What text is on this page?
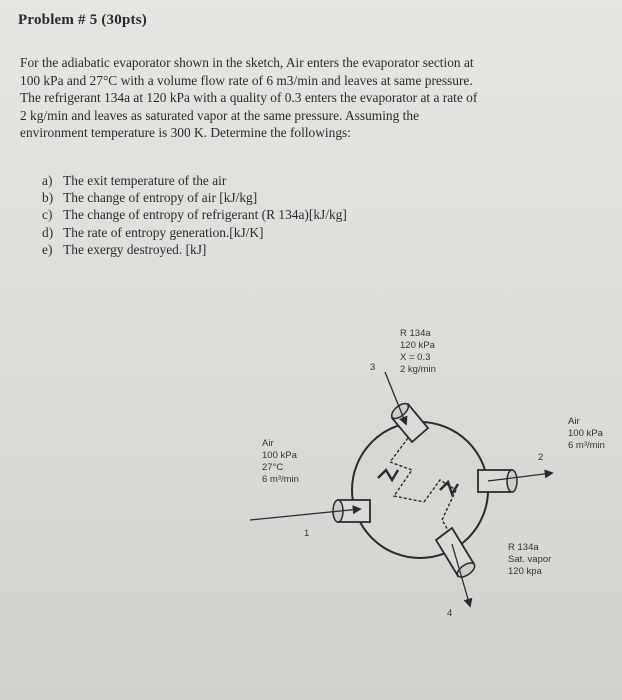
Problem # 5 (30pts)

For the adiabatic evaporator shown in the sketch, Air enters the evaporator section at

100 kPa and 27°C with a volume flow rate of 6 m3/min and leaves at same pressure.

The refrigerant 134a at 120 kPa with a quality of 0.3 enters the evaporator at a rate of

2 kg/min and leaves as saturated vapor at the same pressure. Assuming the

environment temperature is 300 K. Determine the followings:

a) The exit temperature of the air
b) The change of entropy of air [kJ/kg]
c) The change of entropy of refrigerant (R 134a)[kJ/kg]
d) The rate of entropy generation.[kJ/K]
e) The exergy destroyed. [kJ]
3
2
1
4
R 134a
120 kPa
X = 0.3
2 kg/min
Air
100 kPa
27°C
6 m³/min
Air
100 kPa
6 m³/min
R 134a
Sat. vapor
120 kpa
